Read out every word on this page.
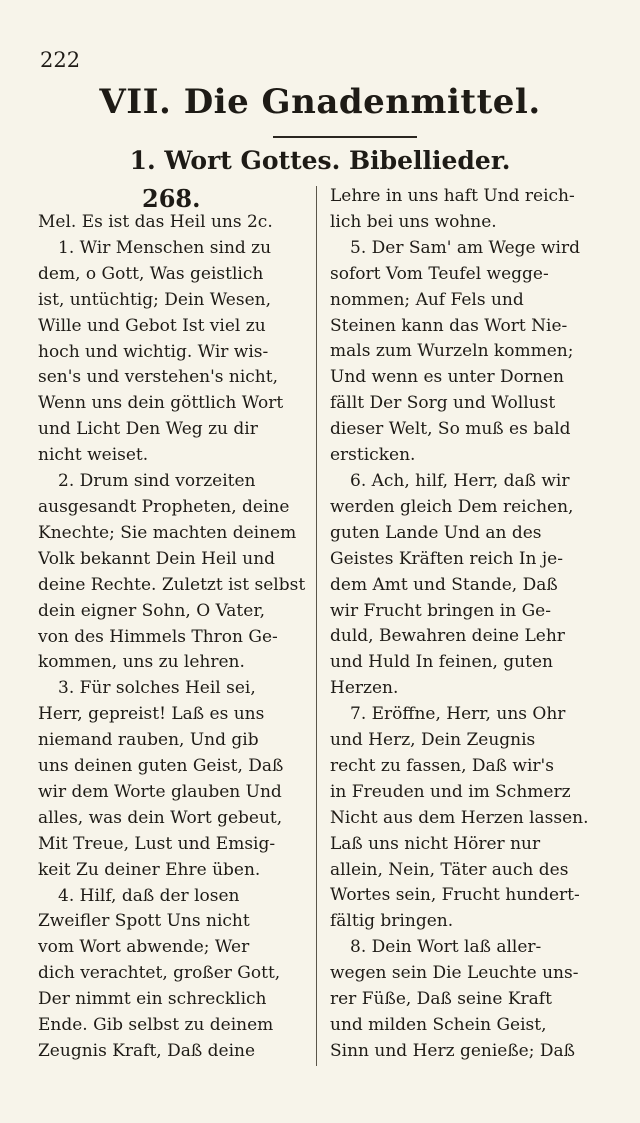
222
VII. Die Gnadenmittel.
1. Wort Gottes. Bibellieder.
268.
Mel. Es ist das Heil uns 2c.
1. Wir Menschen sind zu
dem, o Gott, Was geistlich
ist, untüchtig; Dein Wesen,
Wille und Gebot Ist viel zu
hoch und wichtig. Wir wis-
sen's und verstehen's nicht,
Wenn uns dein göttlich Wort
und Licht Den Weg zu dir
nicht weiset.
2. Drum sind vorzeiten
ausgesandt Propheten, deine
Knechte; Sie machten deinem
Volk bekannt Dein Heil und
deine Rechte. Zuletzt ist selbst
dein eigner Sohn, O Vater,
von des Himmels Thron Ge-
kommen, uns zu lehren.
3. Für solches Heil sei,
Herr, gepreist! Laß es uns
niemand rauben, Und gib
uns deinen guten Geist, Daß
wir dem Worte glauben Und
alles, was dein Wort gebeut,
Mit Treue, Lust und Emsig-
keit Zu deiner Ehre üben.
4. Hilf, daß der losen
Zweifler Spott Uns nicht
vom Wort abwende; Wer
dich verachtet, großer Gott,
Der nimmt ein schrecklich
Ende. Gib selbst zu deinem
Zeugnis Kraft, Daß deine
Lehre in uns haft Und reich-
lich bei uns wohne.
5. Der Sam' am Wege wird
sofort Vom Teufel wegge-
nommen; Auf Fels und
Steinen kann das Wort Nie-
mals zum Wurzeln kommen;
Und wenn es unter Dornen
fällt Der Sorg und Wollust
dieser Welt, So muß es bald
ersticken.
6. Ach, hilf, Herr, daß wir
werden gleich Dem reichen,
guten Lande Und an des
Geistes Kräften reich In je-
dem Amt und Stande, Daß
wir Frucht bringen in Ge-
duld, Bewahren deine Lehr
und Huld In feinen, guten
Herzen.
7. Eröffne, Herr, uns Ohr
und Herz, Dein Zeugnis
recht zu fassen, Daß wir's
in Freuden und im Schmerz
Nicht aus dem Herzen lassen.
Laß uns nicht Hörer nur
allein, Nein, Täter auch des
Wortes sein, Frucht hundert-
fältig bringen.
8. Dein Wort laß aller-
wegen sein Die Leuchte uns-
rer Füße, Daß seine Kraft
und milden Schein Geist,
Sinn und Herz genieße; Daß
